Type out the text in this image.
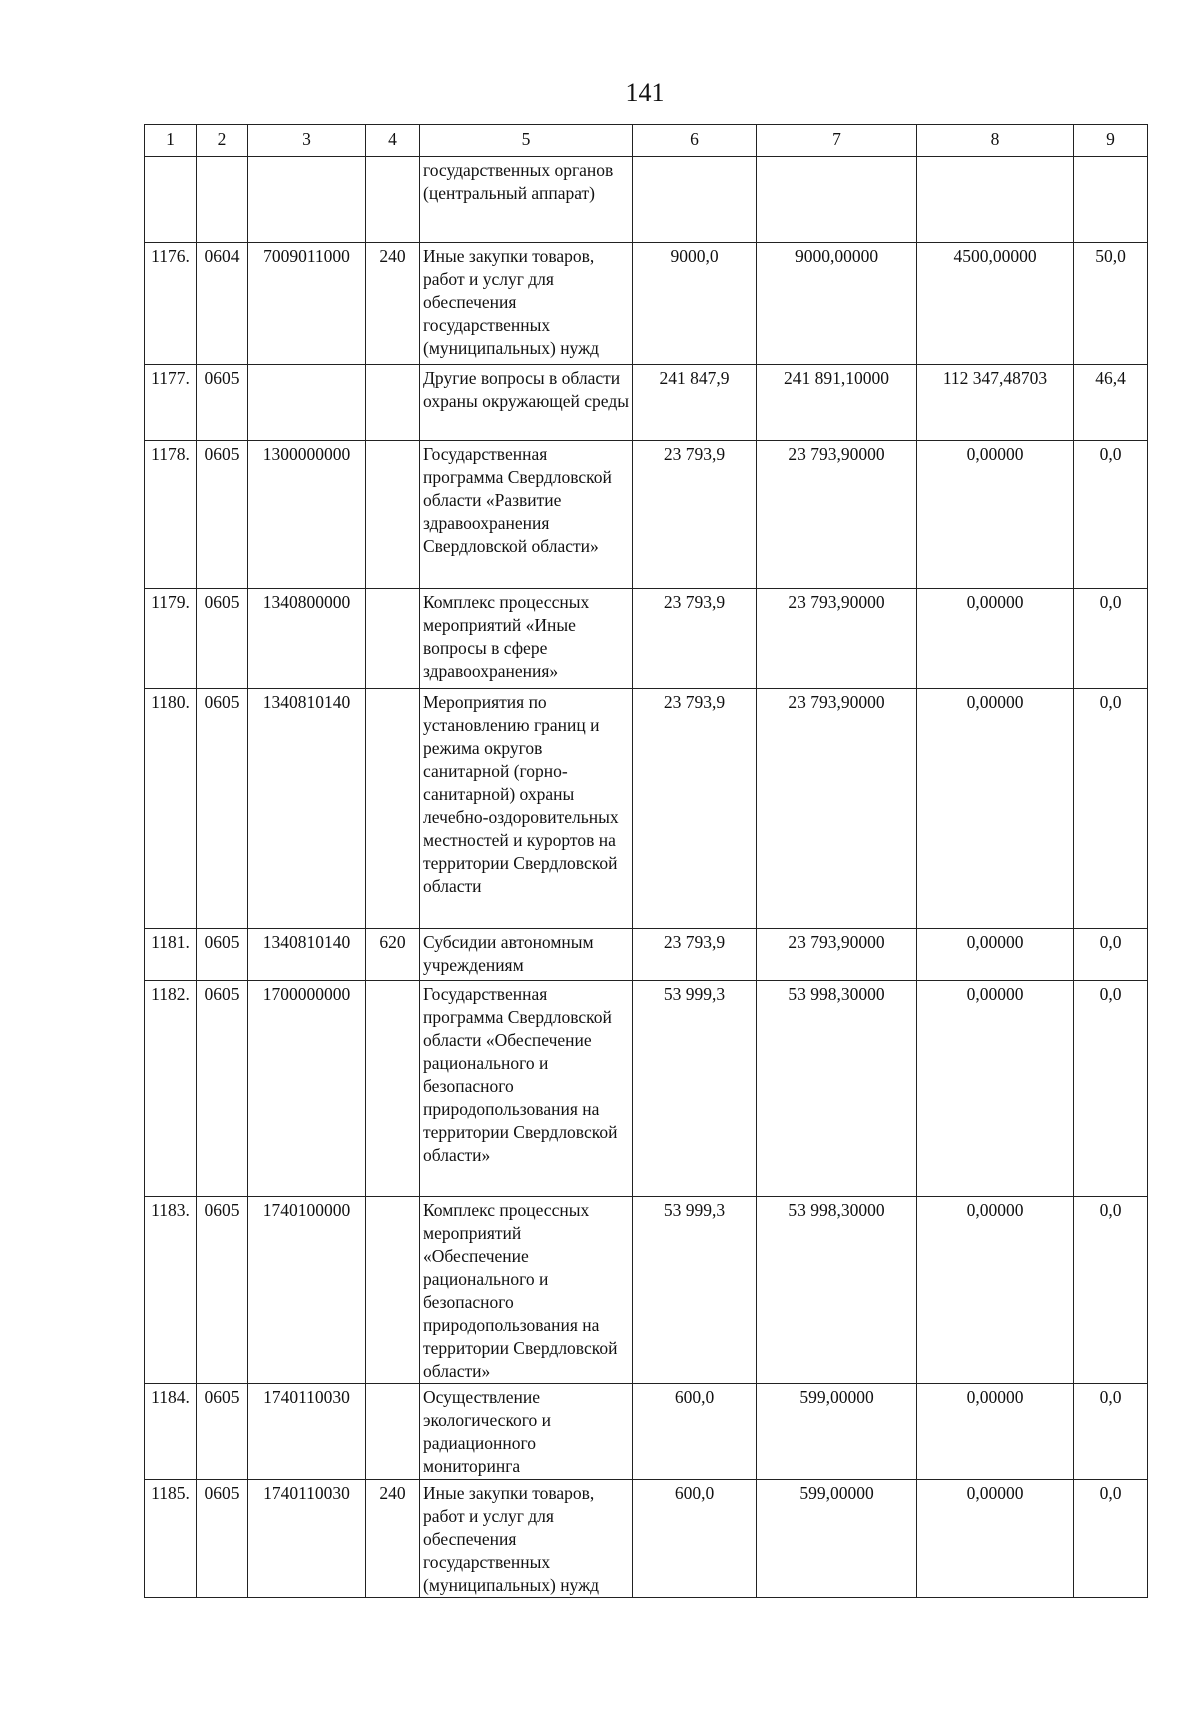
141
1	2	3	4	5	6	7	8	9
				государственных органов (центральный аппарат)				
1176.	0604	7009011000	240	Иные закупки товаров, работ и услуг для обеспечения государственных (муниципальных) нужд	9000,0	9000,00000	4500,00000	50,0
1177.	0605			Другие вопросы в области охраны окружающей среды	241 847,9	241 891,10000	112 347,48703	46,4
1178.	0605	1300000000		Государственная программа Свердловской области «Развитие здравоохранения Свердловской области»	23 793,9	23 793,90000	0,00000	0,0
1179.	0605	1340800000		Комплекс процессных мероприятий «Иные вопросы в сфере здравоохранения»	23 793,9	23 793,90000	0,00000	0,0
1180.	0605	1340810140		Мероприятия по установлению границ и режима округов санитарной (горно-санитарной) охраны лечебно-оздоровительных местностей и курортов на территории Свердловской области	23 793,9	23 793,90000	0,00000	0,0
1181.	0605	1340810140	620	Субсидии автономным учреждениям	23 793,9	23 793,90000	0,00000	0,0
1182.	0605	1700000000		Государственная программа Свердловской области «Обеспечение рационального и безопасного природопользования на территории Свердловской области»	53 999,3	53 998,30000	0,00000	0,0
1183.	0605	1740100000		Комплекс процессных мероприятий «Обеспечение рационального и безопасного природопользования на территории Свердловской области»	53 999,3	53 998,30000	0,00000	0,0
1184.	0605	1740110030		Осуществление экологического и радиационного мониторинга	600,0	599,00000	0,00000	0,0
1185.	0605	1740110030	240	Иные закупки товаров, работ и услуг для обеспечения государственных (муниципальных) нужд	600,0	599,00000	0,00000	0,0
